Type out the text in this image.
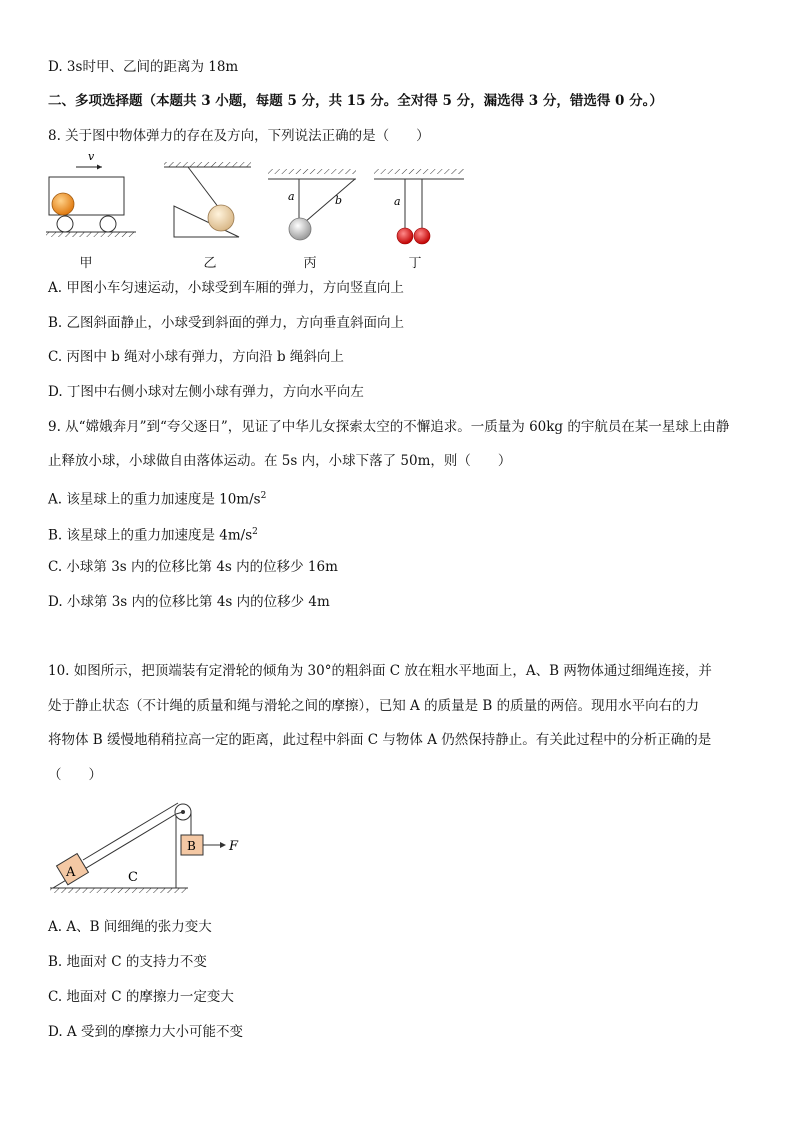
D. 3s时甲、乙间的距离为 18m
二、多项选择题（本题共 3 小题，每题 5 分，共 15 分。全对得 5 分，漏选得 3 分，错选得 0 分。）
8. 关于图中物体弹力的存在及方向，下列说法正确的是（　　）
v
a	b	a
甲	乙	丙	丁
A. 甲图小车匀速运动，小球受到车厢的弹力，方向竖直向上
B. 乙图斜面静止，小球受到斜面的弹力，方向垂直斜面向上
C. 丙图中 b 绳对小球有弹力，方向沿 b 绳斜向上
D. 丁图中右侧小球对左侧小球有弹力，方向水平向左
9. 从“嫦娥奔月”到“夸父逐日”，见证了中华儿女探索太空的不懈追求。一质量为 60kg 的宇航员在某一星球上由静
止释放小球，小球做自由落体运动。在 5s 内，小球下落了 50m，则（　　）
A. 该星球上的重力加速度是 $10m/s^2$
B. 该星球上的重力加速度是 $4m/s^2$
C. 小球第 3s 内的位移比第 4s 内的位移少 16m
D. 小球第 3s 内的位移比第 4s 内的位移少 4m
10. 如图所示，把顶端装有定滑轮的倾角为 30°的粗斜面 C 放在粗水平地面上，A、B 两物体通过细绳连接，并
处于静止状态（不计绳的质量和绳与滑轮之间的摩擦），已知 A 的质量是 B 的质量的两倍。现用水平向右的力
将物体 B 缓慢地稍稍拉高一定的距离，此过程中斜面 C 与物体 A 仍然保持静止。有关此过程中的分析正确的是
（　　）
A	C
B	F
A. A、B 间细绳的张力变大
B. 地面对 C 的支持力不变
C. 地面对 C 的摩擦力一定变大
D. A 受到的摩擦力大小可能不变
